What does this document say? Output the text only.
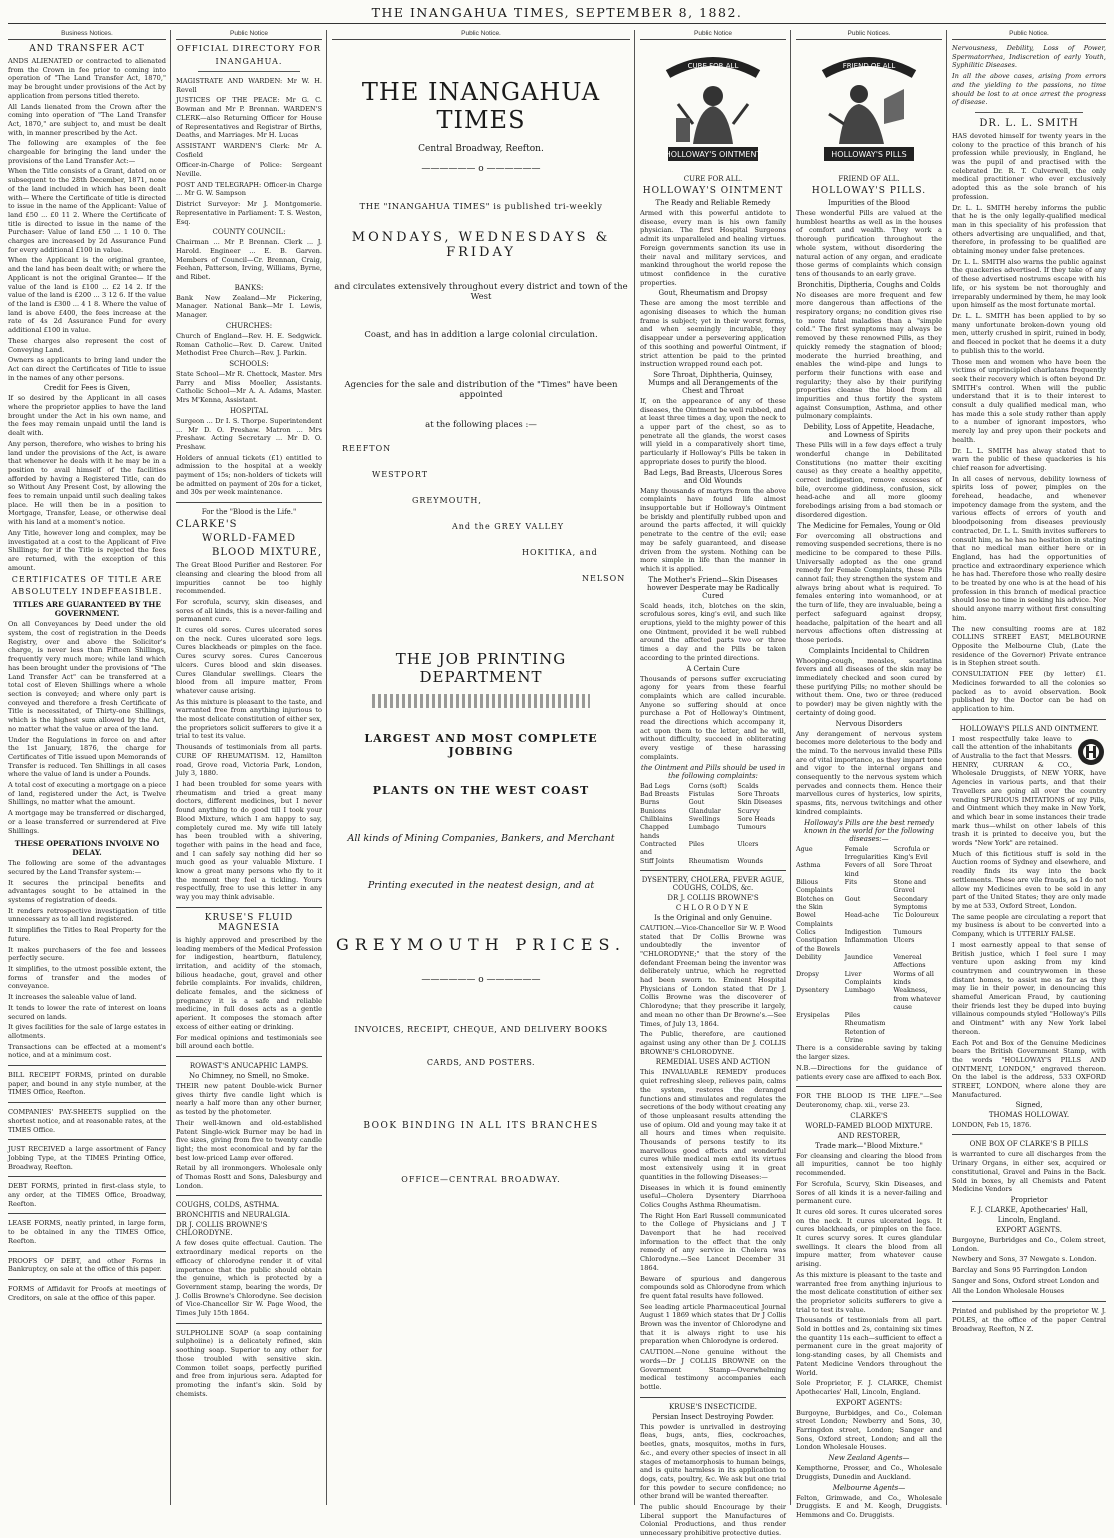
THE INANGAHUA TIMES, SEPTEMBER 8, 1882.
Business Notices.
AND TRANSFER ACT

ANDS ALIENATED or contracted to alienated from the Crown in fee prior to coming into operation of "The Land Transfer Act, 1870," may be brought under provisions of the Act by application from persons titled thereto.

All Lands lienated from the Crown after the coming into operation of "The Land Transfer Act, 1870," are subject to, and must be dealt with, in manner prescribed by the Act.

The following are examples of the fee chargeable for bringing the land under the provisions of the Land Transfer Act:—

When the Title consists of a Grant, dated on or subsequent to the 28th December, 1871, none of the land included in which has been dealt with— Where the Certificate of title is directed to issue in the name of the Applicant: Value of land £50 ... £0 11 2. Where the Certificate of title is directed to issue in the name of the Purchaser: Value of land £50 ... 1 10 0. The charges are increased by 2d Assurance Fund for every additional £100 in value.

When the Applicant is the original grantee, and the land has been dealt with; or where the Applicant is not the original Grantee— If the value of the land is £100 ... £2 14 2. If the value of the land is £200 ... 3 12 6. If the value of the land is £300 ... 4 1 8. Where the value of land is above £400, the fees increase at the rate of 4s 2d Assurance Fund for every additional £100 in value.

These charges also represent the cost of Conveying Land.

Owners as applicants to bring land under the Act can direct the Certificates of Title to issue in the names of any other persons.

Credit for Fees is Given,

If so desired by the Applicant in all cases where the proprietor applies to have the land brought under the Act in his own name, and the fees may remain unpaid until the land is dealt with.

Any person, therefore, who wishes to bring his land under the provisions of the Act, is aware that whenever he deals with it he may be in a position to avail himself of the facilities afforded by having a Registered Title, can do so Without Any Present Cost, by allowing the fees to remain unpaid until such dealing takes place. He will then be in a position to Mortgage, Transfer, Lease, or otherwise deal with his land at a moment's notice.

Any Title, however long and complex, may be investigated at a cost to the Applicant of Five Shillings; for if the Title is rejected the fees are returned, with the exception of this amount.

CERTIFICATES OF TITLE ARE
ABSOLUTELY INDEFEASIBLE.
TITLES ARE GUARANTEED BY THE GOVERNMENT.

On all Conveyances by Deed under the old system, the cost of registration in the Deeds Registry, over and above the Solicitor's charge, is never less than Fifteen Shillings, frequently very much more; while land which has been brought under the provisions of "The Land Transfer Act" can be transferred at a total cost of Eleven Shillings where a whole section is conveyed; and where only part is conveyed and therefore a fresh Certificate of Title is necessitated, of Thirty-one Shillings, which is the highest sum allowed by the Act, no matter what the value or area of the land.

Under the Regulations in force on and after the 1st January, 1876, the charge for Certificates of Title issued upon Memorands of Transfer is reduced. Ten Shillings in all cases where the value of land is under a Pounds.

A total cost of executing a mortgage on a piece of land, registered under the Act, is Twelve Shillings, no matter what the amount.

A mortgage may be transferred or discharged, or a lease transferred or surrendered at Five Shillings.

THESE OPERATIONS INVOLVE NO DELAY.

The following are some of the advantages secured by the Land Transfer system:—

It secures the principal benefits and advantages sought to be attained in the systems of registration of deeds.

It renders retrospective investigation of title unnecessary as to all land registered.

It simplifies the Titles to Real Property for the future.

It makes purchasers of the fee and lessees perfectly secure.

It simplifies, to the utmost possible extent, the forms of transfer and the modes of conveyance.

It increases the saleable value of land.

It tends to lower the rate of interest on loans secured on lands.

It gives facilities for the sale of large estates in allotments.

Transactions can be effected at a moment's notice, and at a minimum cost.

BILL RECEIPT FORMS, printed on durable paper, and bound in any style number, at the TIMES Office, Reefton.

COMPANIES' PAY-SHEETS supplied on the shortest notice, and at reasonable rates, at the TIMES Office.

JUST RECEIVED a large assortment of Fancy Jobbing Type, at the TIMES Printing Office, Broadway, Reefton.

DEBT FORMS, printed in first-class style, to any order, at the TIMES Office, Broadway, Reefton.

LEASE FORMS, neatly printed, in large form, to be obtained in any the TIMES Office, Reefton.

PROOFS OF DEBT, and other Forms in Bankruptcy, on sale at the office of this paper.

FORMS of Affidavit for Proofs at meetings of Creditors, on sale at the office of this paper.

Public Notice
OFFICIAL DIRECTORY FOR
INANGAHUA.

MAGISTRATE AND WARDEN: Mr W. H. Revell

JUSTICES OF THE PEACE: Mr G. C. Bowman and Mr P. Brennan. WARDEN'S CLERK—also Returning Officer for House of Representatives and Registrar of Births, Deaths, and Marriages. Mr H. Lucas

ASSISTANT WARDEN'S Clerk: Mr A. Cosfield

Officer-in-Charge of Police: Sergeant Neville.

POST AND TELEGRAPH: Officer-in Charge ... Mr G. W. Sampson

District Surveyor: Mr J. Montgomerie. Representative in Parliament: T. S. Weston, Esq.

COUNTY COUNCIL:

Chairman ... Mr P. Brennan. Clerk ... J. Harold. Engineer ... E. B. Garven. Members of Council—Cr. Brennan, Craig, Feehan, Patterson, Irving, Williams, Byrne, and Ribet.

BANKS:

Bank New Zealand—Mr Pickering, Manager. National Bank—Mr I. Lewis, Manager.

CHURCHES:

Church of England—Rev. H. E. Sedgwick. Roman Catholic—Rev. D. Carew. United Methodist Free Church—Rev. J. Parkin.

SCHOOLS:

State School—Mr R. Chettock, Master. Mrs Parry and Miss Moeller, Assistants. Catholic School—Mr A. A. Adams, Master. Mrs M'Kenna, Assistant.

HOSPITAL

Surgeon ... Dr I. S. Thorpe. Superintendent ... Mr D. O. Preshaw. Matron ... Mrs Preshaw. Acting Secretary ... Mr D. O. Preshaw.

Holders of annual tickets (£1) entitled to admission to the hospital at a weekly payment of 15s; non-holders of tickets will be admitted on payment of 20s for a ticket, and 30s per week maintenance.

For the "Blood is the Life."
CLARKE'S
WORLD-FAMED
BLOOD MIXTURE,

The Great Blood Purifier and Restorer. For cleansing and clearing the blood from all impurities cannot be too highly recommended.

For scrofula, scurvy, skin diseases, and sores of all kinds, this is a never-failing and permanent cure.

It cures old sores. Cures ulcerated sores on the neck. Cures ulcerated sore legs. Cures blackheads or pimples on the face. Cures scurvy sores. Cures Cancerous ulcers. Cures blood and skin diseases. Cures Glandular swellings. Clears the blood from all impure matter, From whatever cause arising.

As this mixture is pleasant to the taste, and warranted free from anything injurious to the most delicate constitution of either sex, the proprietors solicit sufferers to give it a trial to test its value.

Thousands of testimonials from all parts. CURE OF RHEUMATISM. 12, Hamilton road, Grove road, Victoria Park, London, July 3, 1880.

I had been troubled for some years with rheumatism and tried a great many doctors, different medicines, but I never found anything to do good till I took your Blood Mixture, which I am happy to say, completely cured me. My wife till lately has been troubled with a shivering, together with pains in the head and face, and I can safely say nothing did her so much good as your valuable Mixture. I know a great many persons who fly to it the moment they feel a tickling. Yours respectfully, free to use this letter in any way you may think advisable.

KRUSE'S FLUID MAGNESIA

is highly approved and prescribed by the leading members of the Medical Profession for indigestion, heartburn, flatulency, irritation, and acidity of the stomach, bilious headache, gout, gravel and other febrile complaints. For invalids, children, delicate females, and the sickness of pregnancy it is a safe and reliable medicine, in full doses acts as a gentle aperient. It composes the stomach after excess of either eating or drinking.

For medical opinions and testimonials see bill around each bottle.

ROWAST'S ANUCAPHIC LAMPS.
No Chimney, no Smell, no Smoke.

THEIR new patent Double-wick Burner gives thirty five candle light which is nearly a half more than any other burner, as tested by the photometer.

Their well-known and old-established Patent Single-wick Burner may be had in five sizes, giving from five to twenty candle light; the most economical and by far the best low-priced Lamp ever offered.

Retail by all ironmongers. Wholesale only of Thomas Rostt and Sons, Dalesburgy and London.

COUGHS, COLDS, ASTHMA.
BRONCHITIS and NEURALGIA.
DR J. COLLIS BROWNE'S CHLORODYNE.

A few doses quite effectual. Caution. The extraordinary medical reports on the efficacy of chlorodyne render it of vital importance that the public should obtain the genuine, which is protected by a Government stamp, bearing the words, Dr J. Collis Browne's Chlorodyne. See decision of Vice-Chancellor Sir W. Page Wood, the Times July 15th 1864.

SULPHOLINE SOAP (a soap containing sulphoiine) is a delicately refined, skin soothing soap. Superior to any other for those troubled with sensitive skin. Common toilet soaps, perfectly purified and free from injurious sera. Adapted for promoting the infant's skin. Sold by chemists.

Public Notice.
THE INANGAHUA TIMES
Central Broadway, Reefton.
—————— o ——————
THE "INANGAHUA TIMES" is published tri-weekly
MONDAYS, WEDNESDAYS & FRIDAY
and circulates extensively throughout every district and town of the West
Coast, and has in addition a large colonial circulation.
Agencies for the sale and distribution of the "Times" have been appointed
at the following places :—
REEFTON
WESTPORT
GREYMOUTH,
And the GREY VALLEY
HOKITIKA, and
NELSON
THE JOB PRINTING DEPARTMENT
LARGEST AND MOST COMPLETE JOBBING
PLANTS ON THE WEST COAST
All kinds of Mining Companies, Bankers, and Merchant
Printing executed in the neatest design, and at
GREYMOUTH PRICES.
—————— o ——————
INVOICES, RECEIPT, CHEQUE, AND DELIVERY BOOKS
CARDS, AND POSTERS.
BOOK BINDING IN ALL ITS BRANCHES
OFFICE—CENTRAL BROADWAY.
Public Notice
CURE FOR ALL
HOLLOWAY'S OINTMENT
CURE FOR ALL.
HOLLOWAY'S OINTMENT
The Ready and Reliable Remedy

Armed with this powerful antidote to disease, every man is his own family physician. The first Hospital Surgeons admit its unparalleled and healing virtues. Foreign governments sanction its use in their naval and military services, and mankind throughout the world repose the utmost confidence in the curative properties.

Gout, Rheumatism and Dropsy

These are among the most terrible and agonising diseases to which the human frame is subject; yet in their worst forms, and when seemingly incurable, they disappear under a persevering application of this soothing and powerful Ointment, if strict attention be paid to the printed instruction wrapped round each pot.

Sore Throat, Diphtheria, Quinsey, Mumps and all Derangements of the Chest and Throat

If, on the appearance of any of these diseases, the Ointment be well rubbed, and at least three times a day, upon the neck to a upper part of the chest, so as to penetrate all the glands, the worst cases will yield in a comparatively short time, particularly if Holloway's Pills be taken in appropriate doses to purify the blood.

Bad Legs, Bad Breasts, Ulcerous Sores and Old Wounds

Many thousands of martyrs from the above complaints have found life almost insupportable but if Holloway's Ointment be briskly and plentifully rubbed upon and around the parts affected, it will quickly penetrate to the centre of the evil; ease may be safely guaranteed, and disease driven from the system. Nothing can be more simple in life than the manner in which it is applied.

The Mother's Friend—Skin Diseases however Desperate may be Radically Cured

Scald heads, itch, blotches on the skin, scrofulous sores, king's evil, and such like eruptions, yield to the mighty power of this one Ointment, provided it be well rubbed around the affected parts two or three times a day and the Pills be taken according to the printed directions.

A Certain Cure

Thousands of persons suffer excruciating agony for years from these fearful complaints which are called incurable. Anyone so suffering should at once purchase a Pot of Holloway's Ointment, read the directions which accompany it, act upon them to the letter, and he will, without difficulty, succeed in obliterating every vestige of these harassing complaints.

the Ointment and Pills should be used in the following complaints:
Bad Legs	Corns (soft)	Scalds
Bad Breasts	Fistulas	Sore Throats
Burns	Gout	Skin Diseases
Bunions	Glandular	Scurvy
Chilblains	Swellings	Sore Heads
Chapped hands
Lumbago	Tumours
Contracted and
Piles	Ulcers
Stiff Joints	Rheumatism	Wounds
DYSENTERY, CHOLERA, FEVER AGUE, COUGHS, COLDS, &c.
DR J. COLLIS BROWNE'S
CHLORODYNE
Is the Original and only Genuine.

CAUTION.—Vice-Chancellor Sir W. P. Wood stated that Dr Collis Browne was undoubtedly the inventor of "CHLORODYNE;" that the story of the defendant Freeman being the inventor was deliberately untrue, which he regretted had been sworn to. Eminent Hospital Physicians of London stated that Dr J. Collis Browne was the discoverer of Chlorodyne; that they prescribe it largely, and mean no other than Dr Browne's.—See Times, of July 13, 1864.

The Public, therefore, are cautioned against using any other than Dr J. COLLIS BROWNE'S CHLORODYNE.

REMEDIAL USES AND ACTION

This INVALUABLE REMEDY produces quiet refreshing sleep, relieves pain, calms the system, restores the deranged functions and stimulates and regulates the secretions of the body without creating any of those unpleasant results attending the use of opium. Old and young may take it at all hours and times when requisite. Thousands of persons testify to its marvellous good effects and wonderful cures while medical men extol its virtues most extensively using it in great quantities in the following Diseases:—

Diseases in which it is found eminently useful—Cholera Dysentery Diarrhoea Colics Coughs Asthma Rheumatism.

The Right Hon Earl Russell communicated to the College of Physicians and J T Davenport that he had received information to the effect that the only remedy of any service in Cholera was Chlorodyne.—See Lancet December 31 1864.

Beware of spurious and dangerous compounds sold as Chlorodyne from which fre quent fatal results have followed.

See leading article Pharmaceutical Journal August 1 1869 which states that Dr J Collis Brown was the inventor of Chlorodyne and that it is always right to use his preparation when Chlorodyne is ordered.

CAUTION.—None genuine without the words—Dr J COLLIS BROWNE on the Government Stamp—Overwhelming medical testimony accompanies each bottle.

KRUSE'S INSECTICIDE.
Persian Insect Destroying Powder.

This powder is unrivalled in destroying fleas, bugs, ants, flies, cockroaches, beetles, gnats, mosquitos, moths in furs, &c., and every other species of insect in all stages of metamorphosis to human beings, and is quite harmless in its application to dogs, cats, poultry, &c. We ask but one trial for this powder to secure confidence; no other brand will be wanted thereafter.

The public should Encourage by their Liberal support the Manufactures of Colonial Productions, and thus render unnecessary prohibitive protective duties.

Public Notices.
FRIEND OF ALL
HOLLOWAY'S PILLS
FRIEND OF ALL.
HOLLOWAY'S PILLS.
Impurities of the Blood

These wonderful Pills are valued at the humblest hearths as well as in the houses of comfort and wealth. They work a thorough purification throughout the whole system, without disordering the natural action of any organ, and eradicate those germs of complaints which consign tens of thousands to an early grave.

Bronchitis, Diptheria, Coughs and Colds

No diseases are more frequent and few more dangerous than affections of the respiratory organs; no condition gives rise to more fatal maladies than a "simple cold." The first symptoms may always be removed by these renowned Pills, as they quickly remedy the stagnation of blood; moderate the hurried breathing, and enables the wind-pipe and lungs to perform their functions with ease and regularity; they also by their purifying properties cleanse the blood from all impurities and thus fortify the system against Consumption, Asthma, and other pulmonary complaints.

Debility, Loss of Appetite, Headache, and Lowness of Spirits

These Pills will in a few days effect a truly wonderful change in Debilitated Constitutions (no matter their exciting cause) as they create a healthy appetite, correct indigestion, remove excesses of bile, overcome giddiness, confusion, sick head-ache and all more gloomy forebodings arising from a bad stomach or disordered digestion.

The Medicine for Females, Young or Old

For overcoming all obstructions and removing suspended secretions, there is no medicine to be compared to these Pills. Universally adopted as the one grand remedy for Female Complaints, these Pills cannot fail; they strengthen the system and always bring about what is required. To females entering into womanhood, or at the turn of life, they are invaluable, being a perfect safeguard against dropsy, headache, palpitation of the heart and all nervous affections often distressing at those periods.

Complaints Incidental to Children

Whooping-cough, measles, scarlatina fevers and all diseases of the skin may be immediately checked and soon cured by these purifying Pills; no mother should be without them. One, two or three (reduced to powder) may be given nightly with the certainty of doing good.

Nervous Disorders

Any derangement of nervous system becomes more deleterious to the body and the mind. To the nervous invalid these Pills are of vital importance, as they impart tone and vigor to the internal organs and consequently to the nervous system which pervades and connects them. Hence their marvellous cures of hysterics, low spirits, spasms, fits, nervous twitchings and other kindred complaints.

Holloway's Pills are the best remedy known in the world for the following diseases:—
Ague	Female Irregularities
Scrofula or King's Evil
Asthma	Fevers of all kind
Sore Throat
Bilious Complaints
Fits	Stone and Gravel
Blotches on the Skin
Gout	Secondary Symptoms
Bowel Complaints
Head-ache	Tic Doloureux
Colics	Indigestion	Tumours
Constipation of the Bowels
Inflammation Ulcers
Debility	Jaundice	Venereal Affections
Dropsy	Liver Complaints
Worms of all kinds
Dysentery	Lumbago	Weakness, from whatever cause
Erysipelas	Piles
Rheumatism
Retention of Urine

There is a considerable saving by taking the larger sizes.

N.B.—Directions for the guidance of patients every case are affixed to each Box.

FOR THE BLOOD IS THE LIFE."—See Deuteronomy, chap. xii., verse 23.

CLARKE'S
WORLD-FAMED BLOOD MIXTURE.
AND RESTORER,
Trade mark—"Blood Mixture."

For cleansing and clearing the blood from all impurities, cannot be too highly recommended.

For Scrofula, Scurvy, Skin Diseases, and Sores of all kinds it is a never-failing and permanent cure.

It cures old sores. It cures ulcerated sores on the neck. It cures ulcerated legs. It cures blackheads, or pimples on the face. It cures scurvy sores. It cures glandular swellings. It clears the blood from all impure matter, from whatever cause arising.

As this mixture is pleasant to the taste and warranted free from anything injurious to the most delicate constitution of either sex the proprietor solicits sufferers to give a trial to test its value.

Thousands of testimonials from all part. Sold in bottles and 2s, containing six times the quantity 11s each—sufficient to effect a permanent cure in the great majority of long-standing cases, by all Chemists and Patent Medicine Vendors throughout the World.

Sole Proprietor, F. J. CLARKE, Chemist Apothecaries' Hall, Lincoln, England.

EXPORT AGENTS:

Burgoyne, Burbidges, and Co., Coleman street London; Newberry and Sons, 30, Farringdon street, London; Sanger and Sons, Oxford street, London; and all the London Wholesale Houses.

New Zealand Agents—

Kempthorne, Prosser, and Co., Wholesale Druggists, Dunedin and Auckland.

Melbourne Agents—

Felton, Grimwade, and Co., Wholesale Druggists. E and M. Keogh, Druggists. Hemmons and Co. Druggists.

Public Notice.

Nervousness, Debility, Loss of Power, Spermatorrhea, Indiscretion of early Youth, Syphilitic Diseases.

In all the above cases, arising from errors and the yielding to the passions, no time should be lost to at once arrest the progress of disease.

DR. L. L. SMITH

HAS devoted himself for twenty years in the colony to the practice of this branch of his profession while previously, in England, he was the pupil of and practised with the celebrated Dr. R. T. Culverwell, the only medical practitioner who ever exclusively adopted this as the sole branch of his profession.

Dr. L. L. SMITH hereby informs the public that he is the only legally-qualified medical man in this speciality of his profession that others advertising are unqualified, and that, therefore, in professing to be qualified are obtaining money under false pretences.

Dr. L. L. SMITH also warns the public against the quackeries advertised. If they take of any of these advertised nostrums escape with his life, or his system be not thoroughly and irreparably undermined by them, he may look upon himself as the most fortunate mortal.

Dr. L. L. SMITH has been applied to by so many unfortunate broken-down young old men, utterly crushed in spirit, ruined in body, and fleeced in pocket that he deems it a duty to publish this to the world.

Those men and women who have been the victims of unprincipled charlatans frequently seek their recovery which is often beyond Dr. SMITH's control. When will the public understand that it is to their interest to consult a duly qualified medical man, who has made this a sole study rather than apply to a number of ignorant impostors, who merely lay and prey upon their pockets and health.

Dr. L. L. SMITH has alway stated that to warn the public of these quackeries is his chief reason for advertising.

In all cases of nervous, debility lowness of spirits loss of power, pimples on the forehead, headache, and whenever impotency damage from the system, and the various effects of errors of youth and bloodpoisoning from diseases previously contracted, Dr. L. L. Smith invites sufferers to consult him, as he has no hesitation in stating that no medical man either here or in England, has had the opportunities of practice and extraordinary experience which he has had. Therefore those who really desire to be treated by one who is at the head of his profession in this branch of medical practice should lose no time in seeking his advice. Nor should anyone marry without first consulting him.

The new consulting rooms are at 182 COLLINS STREET EAST, MELBOURNE Opposite the Melbourne Club, (Late the residence of the Governor) Private entrance is in Stephen street south.

CONSULTATION FEE (by letter) £1. Medicines forwarded to all the colonies so packed as to avoid observation. Book published by the Doctor can be had on application to him.

HOLLOWAY'S PILLS AND OINTMENT.

I most respectfully take leave to call the attention of the inhabitants of Australia to the fact that Messrs. HENRY, CURRAN & CO., Wholesale Druggists, of NEW YORK, have Agencies in various parts, and that their Travellers are going all over the country vending SPURIOUS IMITATIONS of my Pills, and Ointment which they make in New York, and which bear in some instances their trade mark thus—whilst on other labels of this trash it is printed to deceive you, but the words "New York" are retained.

Much of this fictitious stuff is sold in the Auction rooms of Sydney and elsewhere, and readily finds its way into the back settlements. These are vile frauds, as I do not allow my Medicines even to be sold in any part of the United States; they are only made by me at 533, Oxford Street, London.

The same people are circulating a report that my business is about to be converted into a Company, which is UTTERLY FALSE.

I most earnestly appeal to that sense of British justice, which I feel sure I may venture upon asking from my kind countrymen and countrywomen in these distant homes, to assist me as far as they may lie in their power, in denouncing this shameful American Fraud, by cautioning their friends lest they be duped into buying villainous compounds styled "Holloway's Pills and Ointment" with any New York label thereon.

Each Pot and Box of the Genuine Medicines bears the British Government Stamp, with the words "HOLLOWAY'S PILLS AND OINTMENT, LONDON," engraved thereon. On the label is the address, 533 OXFORD STREET, LONDON, where alone they are Manufactured.

Signed,
THOMAS HOLLOWAY.
LONDON, Feb 15, 1876.
ONE BOX OF CLARKE'S B PILLS

is warranted to cure all discharges from the Urinary Organs, in either sex, acquired or constitutional, Gravel and Pains in the Back. Sold in boxes, by all Chemists and Patent Medicine Vendors

Proprietor
F. J. CLARKE, Apothecaries' Hall,
Lincoln, England.
EXPORT AGENTS.

Burgoyne, Burbridges and Co., Colem street, London.

Newbery and Sons, 37 Newgate s. London.

Barclay and Sons 95 Farringdon London

Sanger and Sons, Oxford street London and

All the London Wholesale Houses

Printed and published by the proprietor W. J. POLES, at the office of the paper Central Broadway, Reefton, N Z.
